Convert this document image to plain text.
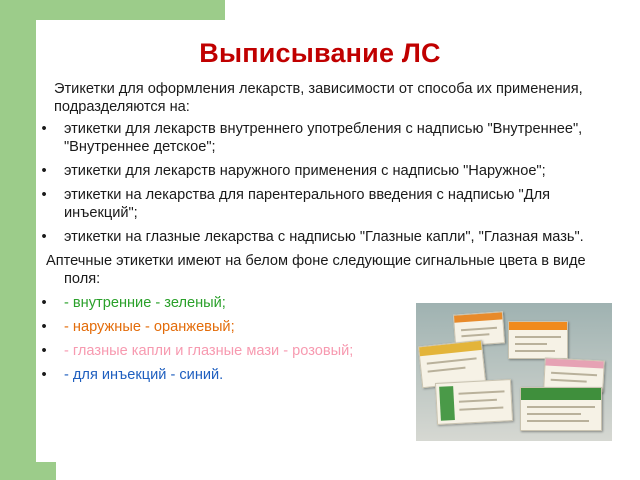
Выписывание ЛС

Этикетки для оформления лекарств, зависимости от способа их применения, подразделяются на:

•	этикетки для лекарств внутреннего употребления с надписью "Внутреннее", "Внутреннее детское";
•	этикетки для лекарств наружного применения с надписью "Наружное";
•	этикетки на лекарства для парентерального введения с надписью "Для инъекций";
•	этикетки на глазные лекарства с надписью "Глазные капли", "Глазная мазь".

Аптечные этикетки имеют на белом фоне следующие сигнальные цвета в виде поля:

•	- внутренние - зеленый;
•	- наружные - оранжевый;
•	- глазные капли и глазные мази - розовый;
•	- для инъекций - синий.
